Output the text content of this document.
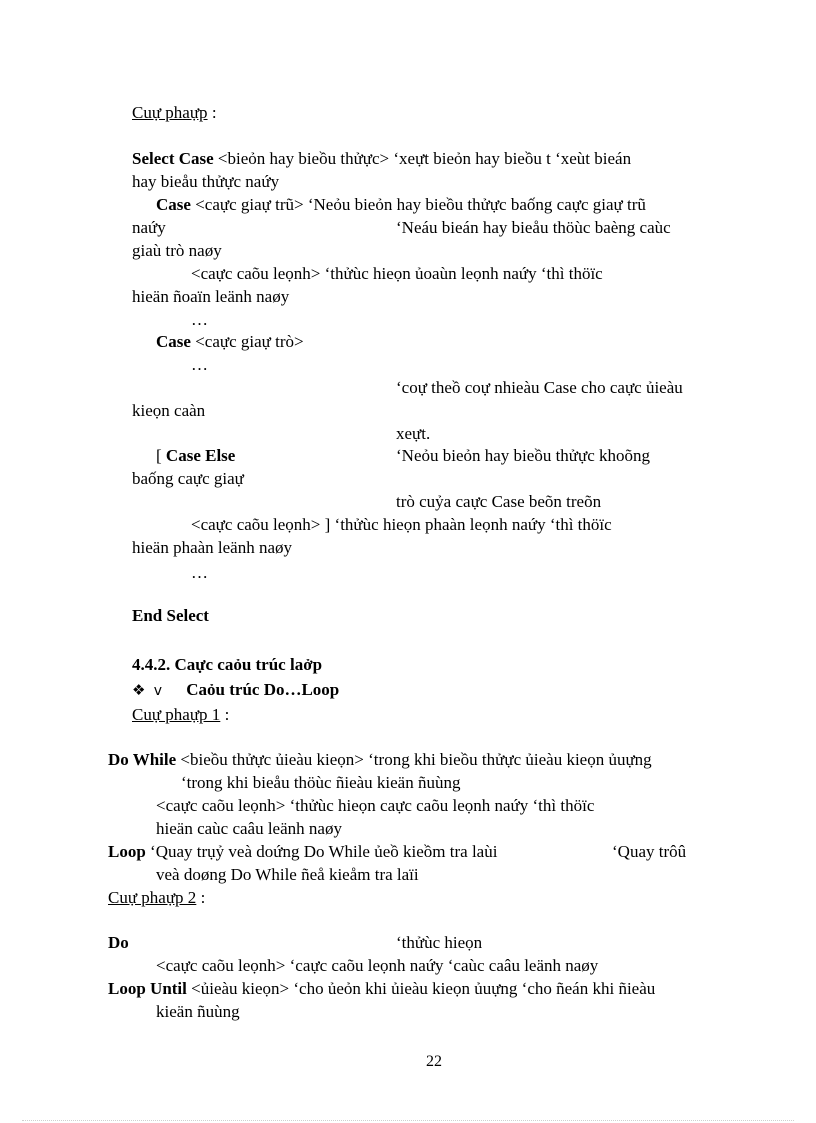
Cuự phaựp :
Select Case <bieỏn hay bieồu thửực> ‘xeựt bieỏn hay bieồu t ‘xeùt bieán
hay bieåu thửực naứy
Case <caực giaự trũ> ‘Neỏu bieỏn hay bieồu thửực baống caực giaự trũ
naứy	‘Neáu bieán hay bieåu thöùc baèng caùc
giaù trò naøy
<caực caõu leọnh> ‘thửùc hieọn ủoaùn leọnh naứy ‘thì thöïc
hieän ñoaïn leänh naøy
…
Case <caực giaự trò>
…
‘coự theồ coự nhieàu Case cho caực ủieàu
kieọn caàn
xeựt.
[ Case Else	‘Neỏu bieỏn hay bieồu thửực khoõng
baống caực giaự
trò cuỷa caực Case beõn treõn
<caực caõu leọnh> ] ‘thửùc hieọn phaàn leọnh naứy ‘thì thöïc
hieän phaàn leänh naøy
…
End Select
4.4.2. Caực caỏu trúc laởp
❖ v Caỏu trúc Do…Loop
Cuự phaựp 1 :
Do While <bieồu thửực ủieàu kieọn> ‘trong khi bieồu thửực ủieàu kieọn ủuựng
‘trong khi bieåu thöùc ñieàu kieän ñuùng
<caực caõu leọnh> ‘thửùc hieọn caực caõu leọnh naứy ‘thì thöïc
hieän caùc caâu leänh naøy
Loop ‘Quay trụỷ veà doứng Do While ủeồ kieồm tra laùi	‘Quay trôû
veà doøng Do While ñeå kieåm tra laïi
Cuự phaựp 2 :
Do	‘thửùc hieọn
<caực caõu leọnh> ‘caực caõu leọnh naứy ‘caùc caâu leänh naøy
Loop Until <ủieàu kieọn> ‘cho ủeỏn khi ủieàu kieọn ủuựng ‘cho ñeán khi ñieàu
kieän ñuùng
22
